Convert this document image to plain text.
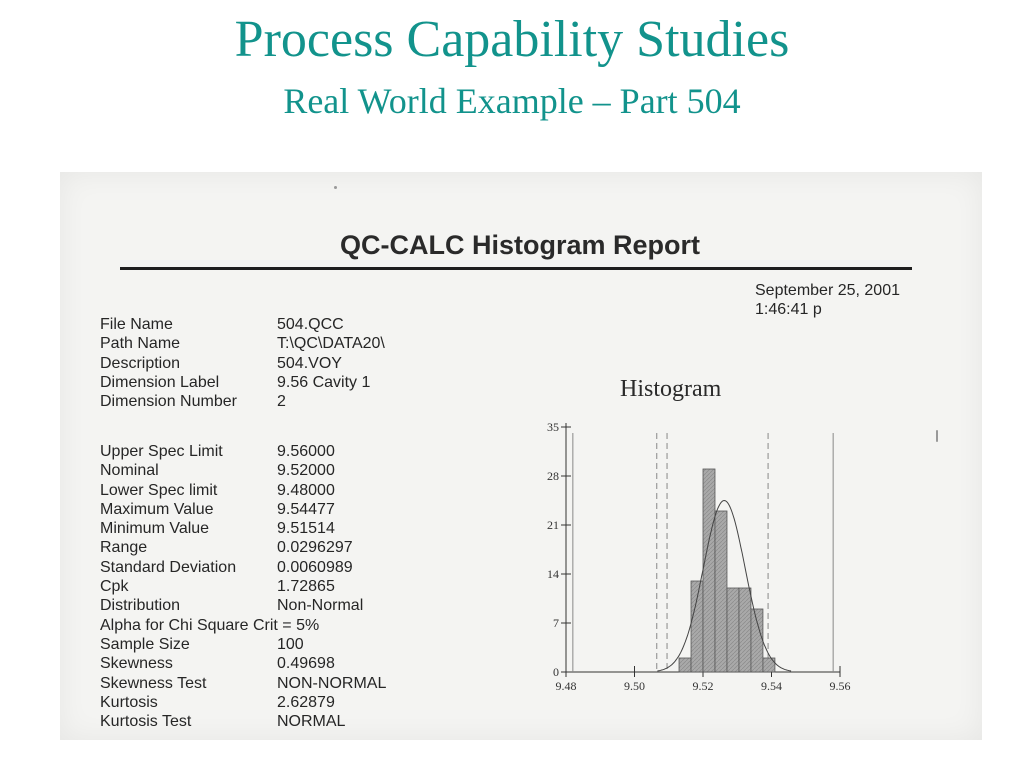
Process Capability Studies
Real World Example – Part 504
QC-CALC Histogram Report
September 25, 2001
1:46:41 p
File Name	504.QCC
Path Name	T:\QC\DATA20\
Description	504.VOY
Dimension Label	9.56 Cavity 1
Dimension Number	2
Upper Spec Limit	9.56000
Nominal	9.52000
Lower Spec limit	9.48000
Maximum Value	9.54477
Minimum Value	9.51514
Range	0.0296297
Standard Deviation	0.0060989
Cpk	1.72865
Distribution	Non-Normal
Alpha for Chi Square Crit = 5%
Sample Size	100
Skewness	0.49698
Skewness Test	NON-NORMAL
Kurtosis	2.62879
Kurtosis Test	NORMAL
Histogram
0
7
14
21
28
35
9.48	9.50	9.52	9.54	9.56
